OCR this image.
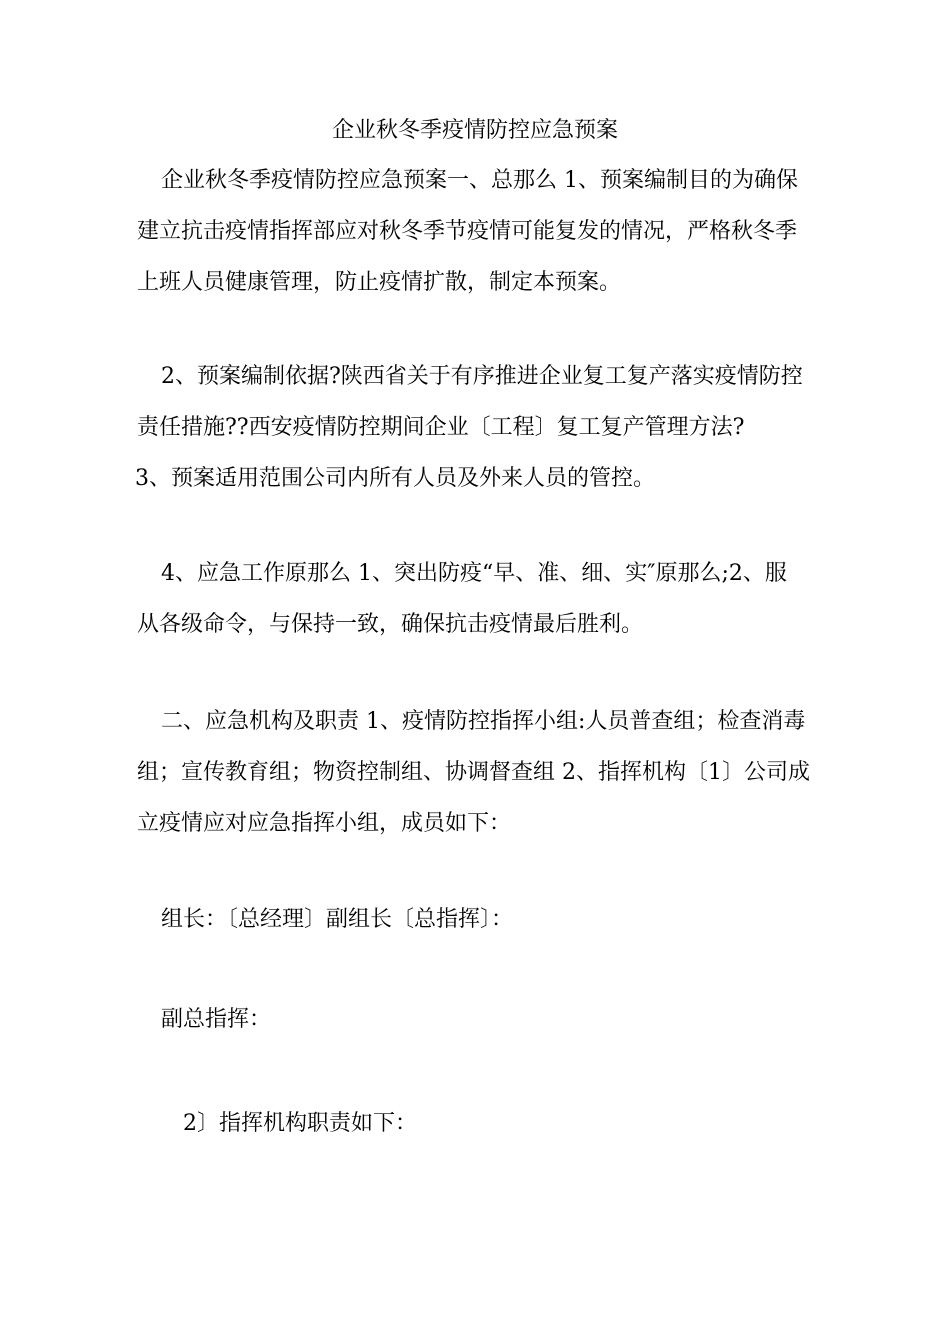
企业秋冬季疫情防控应急预案
企业秋冬季疫情防控应急预案一、总那么 1、预案编制目的为确保
建立抗击疫情指挥部应对秋冬季节疫情可能复发的情况，严格秋冬季
上班人员健康管理，防止疫情扩散，制定本预案。
2、预案编制依据?陕西省关于有序推进企业复工复产落实疫情防控
责任措施??西安疫情防控期间企业〔工程〕复工复产管理方法?
3、预案适用范围公司内所有人员及外来人员的管控。
4、应急工作原那么 1、突出防疫“早、准、细、实″原那么;2、服
从各级命令，与保持一致，确保抗击疫情最后胜利。
二、应急机构及职责 1、疫情防控指挥小组:人员普查组；检查消毒
组；宣传教育组；物资控制组、协调督查组 2、指挥机构〔1〕公司成
立疫情应对应急指挥小组，成员如下：
组长：〔总经理〕副组长〔总指挥〕：
副总指挥：
2〕指挥机构职责如下：
